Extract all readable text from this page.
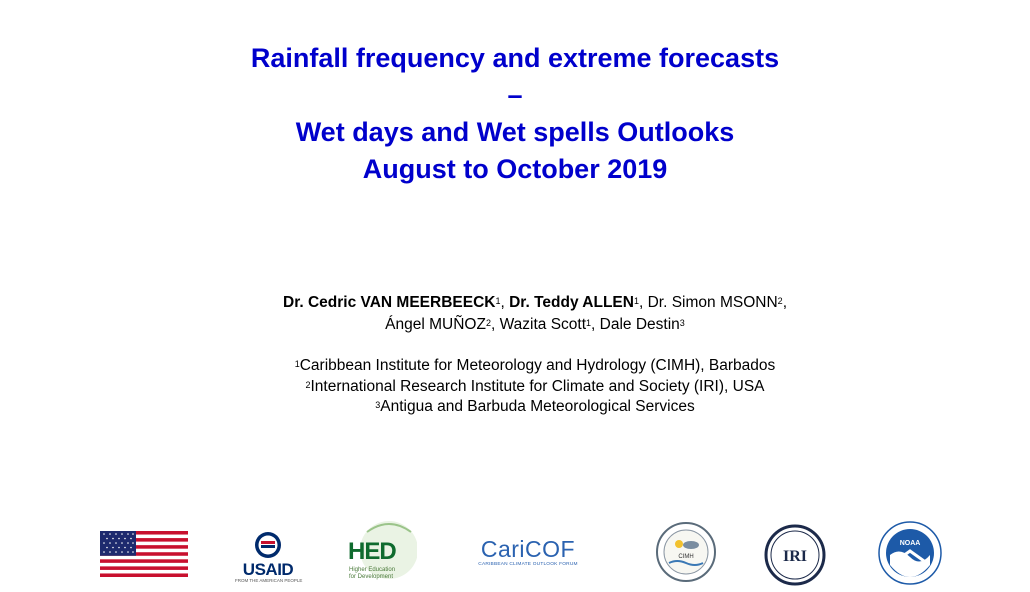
Rainfall frequency and extreme forecasts
–
Wet days and Wet spells Outlooks
August to October 2019
Dr. Cedric VAN MEERBEECK$^1$, Dr. Teddy ALLEN$^1$, Dr. Simon MSONN$^2$,
Ángel MUÑOZ$^2$, Wazita Scott$^1$, Dale Destin$^3$
$^1$Caribbean Institute for Meteorology and Hydrology (CIMH), Barbados
$^2$International Research Institute for Climate and Society (IRI), USA
$^3$Antigua and Barbuda Meteorological Services
USAID
FROM THE AMERICAN PEOPLE
HED
Higher Education
for Development
CariCOF
CARIBBEAN CLIMATE OUTLOOK FORUM
CIMH	IRI
NOAA
